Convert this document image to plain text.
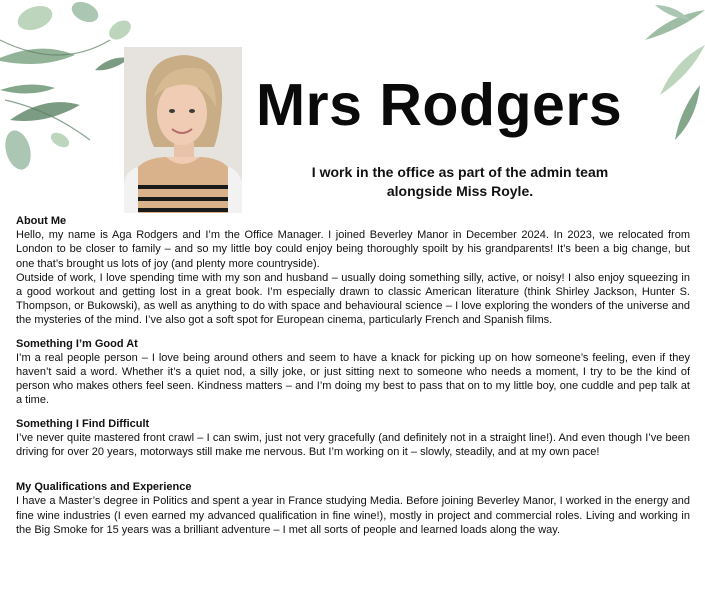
Mrs Rodgers

I work in the office as part of the admin team alongside Miss Royle.

About Me

Hello, my name is Aga Rodgers and I’m the Office Manager. I joined Beverley Manor in December 2024. In 2023, we relocated from London to be closer to family – and so my little boy could enjoy being thoroughly spoilt by his grandparents! It’s been a big change, but one that’s brought us lots of joy (and plenty more countryside).

Outside of work, I love spending time with my son and husband – usually doing something silly, active, or noisy! I also enjoy squeezing in a good workout and getting lost in a great book. I’m especially drawn to classic American literature (think Shirley Jackson, Hunter S. Thompson, or Bukowski), as well as anything to do with space and behavioural science – I love exploring the wonders of the universe and the mysteries of the mind. I’ve also got a soft spot for European cinema, particularly French and Spanish films.

Something I’m Good At

I’m a real people person – I love being around others and seem to have a knack for picking up on how someone’s feeling, even if they haven’t said a word. Whether it’s a quiet nod, a silly joke, or just sitting next to someone who needs a moment, I try to be the kind of person who makes others feel seen. Kindness matters – and I’m doing my best to pass that on to my little boy, one cuddle and pep talk at a time.

Something I Find Difficult

I’ve never quite mastered front crawl – I can swim, just not very gracefully (and definitely not in a straight line!). And even though I’ve been driving for over 20 years, motorways still make me nervous. But I’m working on it – slowly, steadily, and at my own pace!

My Qualifications and Experience

I have a Master’s degree in Politics and spent a year in France studying Media. Before joining Beverley Manor, I worked in the energy and fine wine industries (I even earned my advanced qualification in fine wine!), mostly in project and commercial roles. Living and working in the Big Smoke for 15 years was a brilliant adventure – I met all sorts of people and learned loads along the way.
